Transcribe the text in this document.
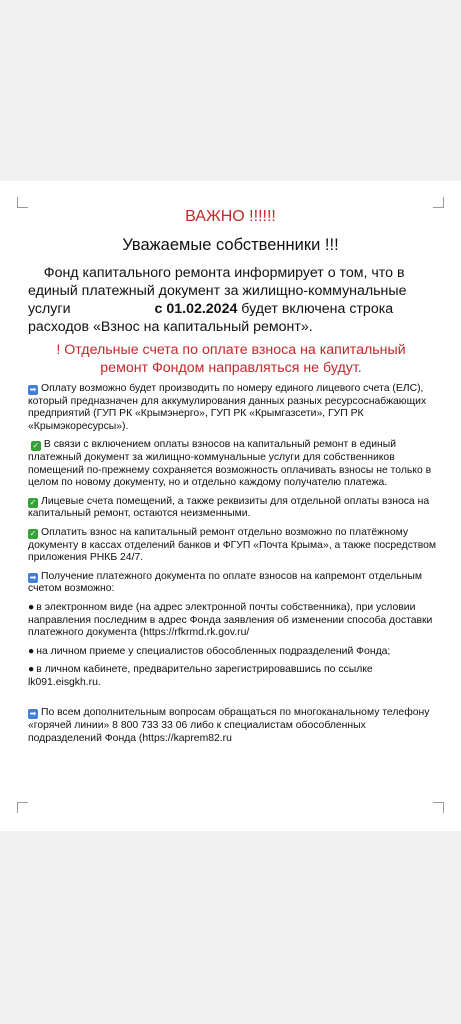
ВАЖНО !!!!!!
Уважаемые собственники !!!

Фонд капитального ремонта информирует о том, что в единый платежный документ за жилищно-коммунальные услуги	с 01.02.2024 будет включена строка расходов «Взнос на капитальный ремонт».

! Отдельные счета по оплате взноса на капитальный ремонт Фондом направляться не будут.

➡ Оплату возможно будет производить по номеру единого лицевого счета (ЕЛС), который предназначен для аккумулирования данных разных ресурсоснабжающих предприятий (ГУП РК «Крымэнерго», ГУП РК «Крымгазсети», ГУП РК «Крымэкоресурсы»).

✓ В связи с включением оплаты взносов на капитальный ремонт в единый платежный документ за жилищно-коммунальные услуги для собственников помещений по-прежнему сохраняется возможность оплачивать взносы не только в целом по новому документу, но и отдельно каждому получателю платежа.

✓ Лицевые счета помещений, а также реквизиты для отдельной оплаты взноса на капитальный ремонт, остаются неизменными.

✓ Оплатить взнос на капитальный ремонт отдельно возможно по платёжному документу в кассах отделений банков и ФГУП «Почта Крыма», а также посредством приложения РНКБ 24/7.

➡ Получение платежного документа по оплате взносов на капремонт отдельным счетом возможно:

● в электронном виде (на адрес электронной почты собственника), при условии направления последним в адрес Фонда заявления об изменении способа доставки платежного документа (https://rfkrmd.rk.gov.ru/

● на личном приеме у специалистов обособленных подразделений Фонда;

● в личном кабинете, предварительно зарегистрировавшись по ссылке lk091.eisgkh.ru.

➡ По всем дополнительным вопросам обращаться по многоканальному телефону «горячей линии» 8 800 733 33 06 либо к специалистам обособленных подразделений Фонда (https://kaprem82.ru
